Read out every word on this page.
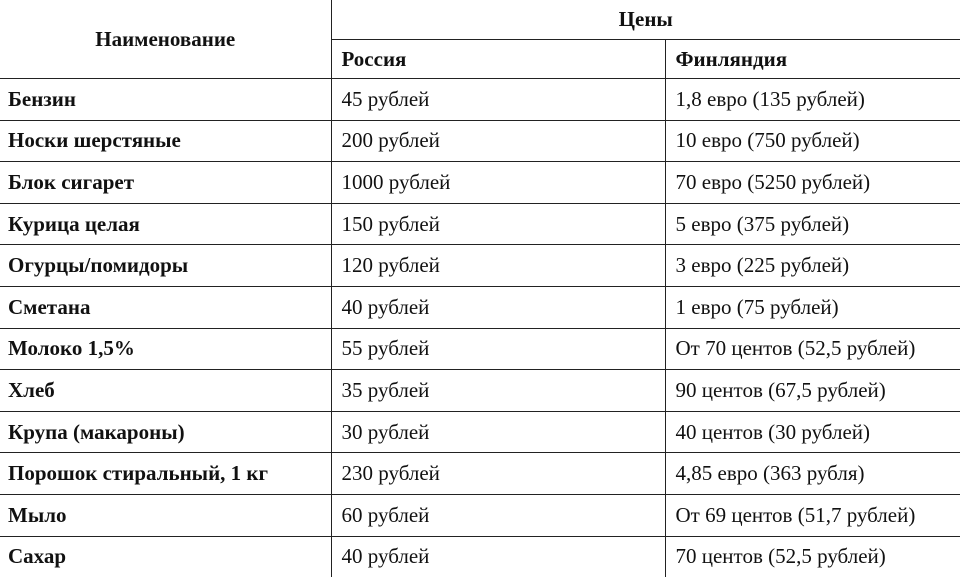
Наименование	Цены	
	Россия	Финляндия
Бензин	45 рублей	1,8 евро (135 рублей)
Носки шерстяные	200 рублей	10 евро (750 рублей)
Блок сигарет	1000 рублей	70 евро (5250 рублей)
Курица целая	150 рублей	5 евро (375 рублей)
Огурцы/помидоры	120 рублей	3 евро (225 рублей)
Сметана	40 рублей	1 евро (75 рублей)
Молоко 1,5%	55 рублей	От 70 центов (52,5 рублей)
Хлеб	35 рублей	90 центов (67,5 рублей)
Крупа (макароны)	30 рублей	40 центов (30 рублей)
Порошок стиральный, 1 кг	230 рублей	4,85 евро (363 рубля)
Мыло	60 рублей	От 69 центов (51,7 рублей)
Сахар	40 рублей	70 центов (52,5 рублей)
